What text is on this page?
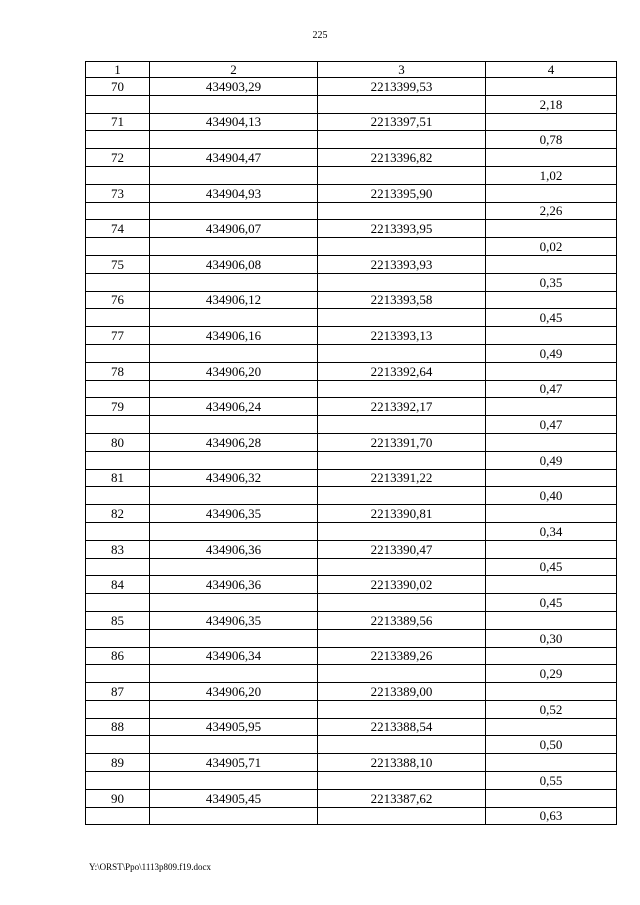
225
1	2	3	4
70	434903,29	2213399,53	
			2,18
71	434904,13	2213397,51	
			0,78
72	434904,47	2213396,82	
			1,02
73	434904,93	2213395,90	
			2,26
74	434906,07	2213393,95	
			0,02
75	434906,08	2213393,93	
			0,35
76	434906,12	2213393,58	
			0,45
77	434906,16	2213393,13	
			0,49
78	434906,20	2213392,64	
			0,47
79	434906,24	2213392,17	
			0,47
80	434906,28	2213391,70	
			0,49
81	434906,32	2213391,22	
			0,40
82	434906,35	2213390,81	
			0,34
83	434906,36	2213390,47	
			0,45
84	434906,36	2213390,02	
			0,45
85	434906,35	2213389,56	
			0,30
86	434906,34	2213389,26	
			0,29
87	434906,20	2213389,00	
			0,52
88	434905,95	2213388,54	
			0,50
89	434905,71	2213388,10	
			0,55
90	434905,45	2213387,62	
			0,63
Y:\ORST\Ppo\1113p809.f19.docx
